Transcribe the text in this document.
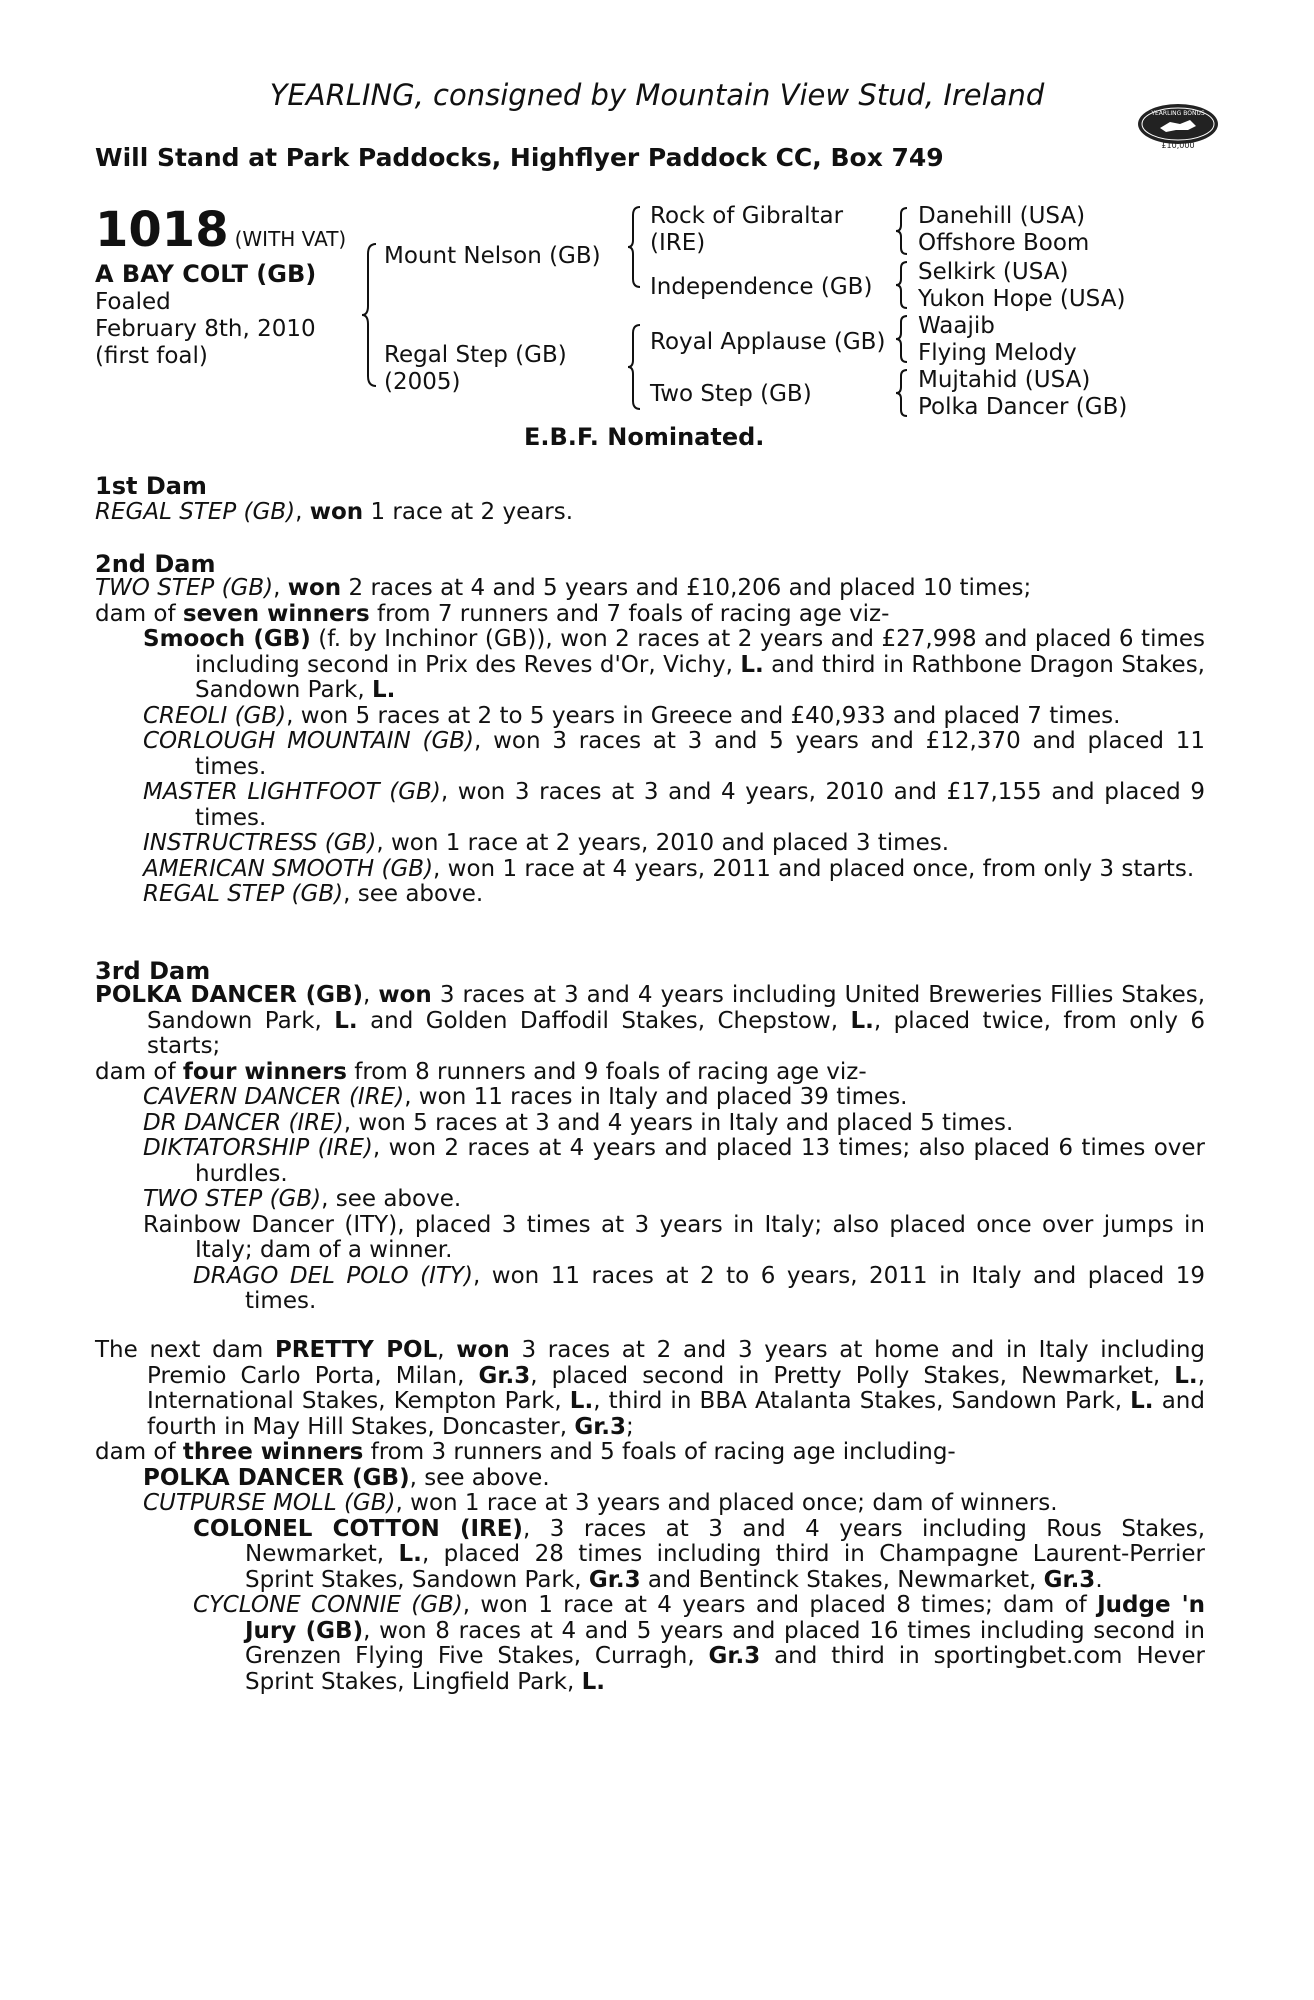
YEARLING, consigned by Mountain View Stud, Ireland
Will Stand at Park Paddocks, Highflyer Paddock CC, Box 749
YEARLING BONUS
£10,000
1018 (WITH VAT)
A BAY COLT (GB)
Foaled
February 8th, 2010
(first foal)
Mount Nelson (GB)
Regal Step (GB)
(2005)
Rock of Gibraltar
(IRE)
Independence (GB)
Royal Applause (GB)
Two Step (GB)
Danehill (USA)
Offshore Boom
Selkirk (USA)
Yukon Hope (USA)
Waajib
Flying Melody
Mujtahid (USA)
Polka Dancer (GB)
E.B.F. Nominated.
1st Dam
REGAL STEP (GB), won 1 race at 2 years.
2nd Dam
TWO STEP (GB), won 2 races at 4 and 5 years and £10,206 and placed 10 times;
dam of seven winners from 7 runners and 7 foals of racing age viz-
Smooch (GB) (f. by Inchinor (GB)), won 2 races at 2 years and £27,998 and placed 6 times including second in Prix des Reves d'Or, Vichy, L. and third in Rathbone Dragon Stakes, Sandown Park, L.
CREOLI (GB), won 5 races at 2 to 5 years in Greece and £40,933 and placed 7 times.
CORLOUGH MOUNTAIN (GB), won 3 races at 3 and 5 years and £12,370 and placed 11 times.
MASTER LIGHTFOOT (GB), won 3 races at 3 and 4 years, 2010 and £17,155 and placed 9 times.
INSTRUCTRESS (GB), won 1 race at 2 years, 2010 and placed 3 times.
AMERICAN SMOOTH (GB), won 1 race at 4 years, 2011 and placed once, from only 3 starts.
REGAL STEP (GB), see above.
3rd Dam
POLKA DANCER (GB), won 3 races at 3 and 4 years including United Breweries Fillies Stakes, Sandown Park, L. and Golden Daffodil Stakes, Chepstow, L., placed twice, from only 6 starts;
dam of four winners from 8 runners and 9 foals of racing age viz-
CAVERN DANCER (IRE), won 11 races in Italy and placed 39 times.
DR DANCER (IRE), won 5 races at 3 and 4 years in Italy and placed 5 times.
DIKTATORSHIP (IRE), won 2 races at 4 years and placed 13 times; also placed 6 times over hurdles.
TWO STEP (GB), see above.
Rainbow Dancer (ITY), placed 3 times at 3 years in Italy; also placed once over jumps in Italy; dam of a winner.
DRAGO DEL POLO (ITY), won 11 races at 2 to 6 years, 2011 in Italy and placed 19 times.
The next dam PRETTY POL, won 3 races at 2 and 3 years at home and in Italy including Premio Carlo Porta, Milan, Gr.3, placed second in Pretty Polly Stakes, Newmarket, L., International Stakes, Kempton Park, L., third in BBA Atalanta Stakes, Sandown Park, L. and fourth in May Hill Stakes, Doncaster, Gr.3;
dam of three winners from 3 runners and 5 foals of racing age including-
POLKA DANCER (GB), see above.
CUTPURSE MOLL (GB), won 1 race at 3 years and placed once; dam of winners.
COLONEL COTTON (IRE), 3 races at 3 and 4 years including Rous Stakes, Newmarket, L., placed 28 times including third in Champagne Laurent-Perrier Sprint Stakes, Sandown Park, Gr.3 and Bentinck Stakes, Newmarket, Gr.3.
CYCLONE CONNIE (GB), won 1 race at 4 years and placed 8 times; dam of Judge 'n Jury (GB), won 8 races at 4 and 5 years and placed 16 times including second in Grenzen Flying Five Stakes, Curragh, Gr.3 and third in sportingbet.com Hever Sprint Stakes, Lingfield Park, L.
